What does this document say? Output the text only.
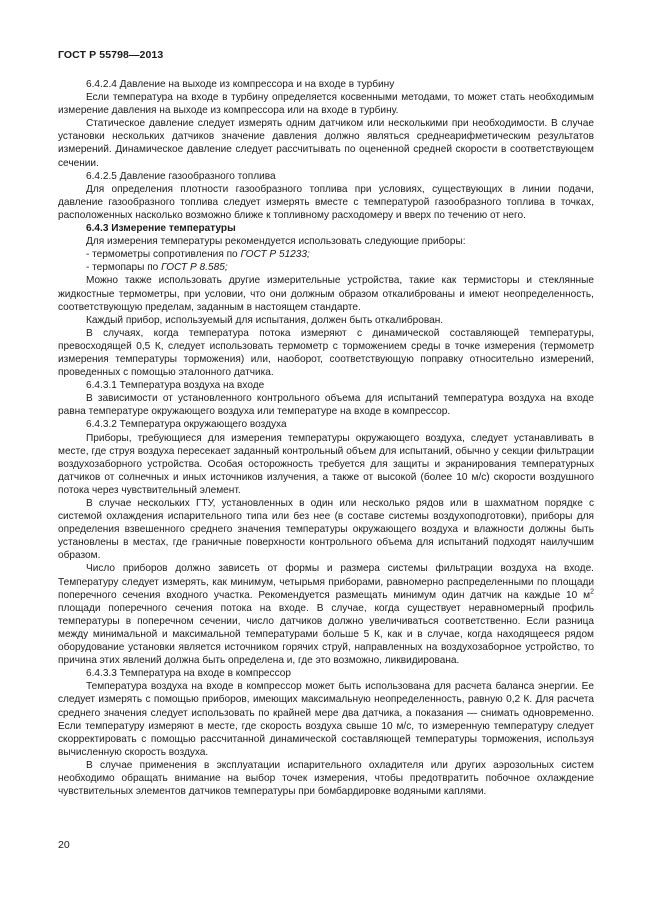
ГОСТ Р 55798—2013

6.4.2.4 Давление на выходе из компрессора и на входе в турбину

Если температура на входе в турбину определяется косвенными методами, то может стать необходимым измерение давления на выходе из компрессора или на входе в турбину.

Статическое давление следует измерять одним датчиком или несколькими при необходимости. В случае установки нескольких датчиков значение давления должно являться среднеарифметическим результатов измерений. Динамическое давление следует рассчитывать по оцененной средней скорости в соответствующем сечении.

6.4.2.5 Давление газообразного топлива

Для определения плотности газообразного топлива при условиях, существующих в линии подачи, давление газообразного топлива следует измерять вместе с температурой газообразного топлива в точках, расположенных насколько возможно ближе к топливному расходомеру и вверх по течению от него.

6.4.3 Измерение температуры

Для измерения температуры рекомендуется использовать следующие приборы:

- термометры сопротивления по ГОСТ Р 51233;

- термопары по ГОСТ Р 8.585;

Можно также использовать другие измерительные устройства, такие как термисторы и стеклянные жидкостные термометры, при условии, что они должным образом откалиброваны и имеют неопределенность, соответствующую пределам, заданным в настоящем стандарте.

Каждый прибор, используемый для испытания, должен быть откалиброван.

В случаях, когда температура потока измеряют с динамической составляющей температуры, превосходящей 0,5 К, следует использовать термометр с торможением среды в точке измерения (термометр измерения температуры торможения) или, наоборот, соответствующую поправку относительно измерений, проведенных с помощью эталонного датчика.

6.4.3.1 Температура воздуха на входе

В зависимости от установленного контрольного объема для испытаний температура воздуха на входе равна температуре окружающего воздуха или температуре на входе в компрессор.

6.4.3.2 Температура окружающего воздуха

Приборы, требующиеся для измерения температуры окружающего воздуха, следует устанавливать в месте, где струя воздуха пересекает заданный контрольный объем для испытаний, обычно у секции фильтрации воздухозаборного устройства. Особая осторожность требуется для защиты и экранирования температурных датчиков от солнечных и иных источников излучения, а также от высокой (более 10 м/с) скорости воздушного потока через чувствительный элемент.

В случае нескольких ГТУ, установленных в один или несколько рядов или в шахматном порядке с системой охлаждения испарительного типа или без нее (в составе системы воздухоподготовки), приборы для определения взвешенного среднего значения температуры окружающего воздуха и влажности должны быть установлены в местах, где граничные поверхности контрольного объема для испытаний подходят наилучшим образом.

Число приборов должно зависеть от формы и размера системы фильтрации воздуха на входе. Температуру следует измерять, как минимум, четырьмя приборами, равномерно распределенными по площади поперечного сечения входного участка. Рекомендуется размещать минимум один датчик на каждые 10 $м^2$ площади поперечного сечения потока на входе. В случае, когда существует неравномерный профиль температуры в поперечном сечении, число датчиков должно увеличиваться соответственно. Если разница между минимальной и максимальной температурами больше 5 К, как и в случае, когда находящееся рядом оборудование установки является источником горячих струй, направленных на воздухозаборное устройство, то причина этих явлений должна быть определена и, где это возможно, ликвидирована.

6.4.3.3 Температура на входе в компрессор

Температура воздуха на входе в компрессор может быть использована для расчета баланса энергии. Ее следует измерять с помощью приборов, имеющих максимальную неопределенность, равную 0,2 К. Для расчета среднего значения следует использовать по крайней мере два датчика, а показания — снимать одновременно. Если температуру измеряют в месте, где скорость воздуха свыше 10 м/с, то измеренную температуру следует скорректировать с помощью рассчитанной динамической составляющей температуры торможения, используя вычисленную скорость воздуха.

В случае применения в эксплуатации испарительного охладителя или других аэрозольных систем необходимо обращать внимание на выбор точек измерения, чтобы предотвратить побочное охлаждение чувствительных элементов датчиков температуры при бомбардировке водяными каплями.

20
